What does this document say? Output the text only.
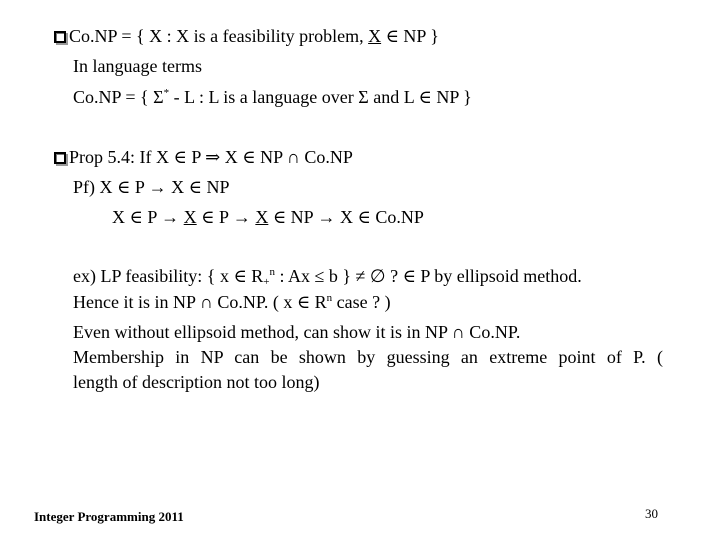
Co.NP = { X : X is a feasibility problem, X ∈ NP }
In language terms
Co.NP = { Σ* - L : L is a language over Σ and L ∈ NP }
Prop 5.4: If X ∈ P ⇒ X ∈ NP ∩ Co.NP
Pf) X ∈ P → X ∈ NP
X ∈ P → X ∈ P → X ∈ NP → X ∈ Co.NP
ex) LP feasibility: { x ∈ $R_+^n$ : Ax ≤ b } ≠ ∅ ? ∈ P by ellipsoid method.
Hence it is in NP ∩ Co.NP. ( x ∈ $R^n$ case ? )
Even without ellipsoid method, can show it is in NP ∩ Co.NP.
Membership in NP can be shown by guessing an extreme point of P. (
length of description not too long)
Integer Programming 2011	30
